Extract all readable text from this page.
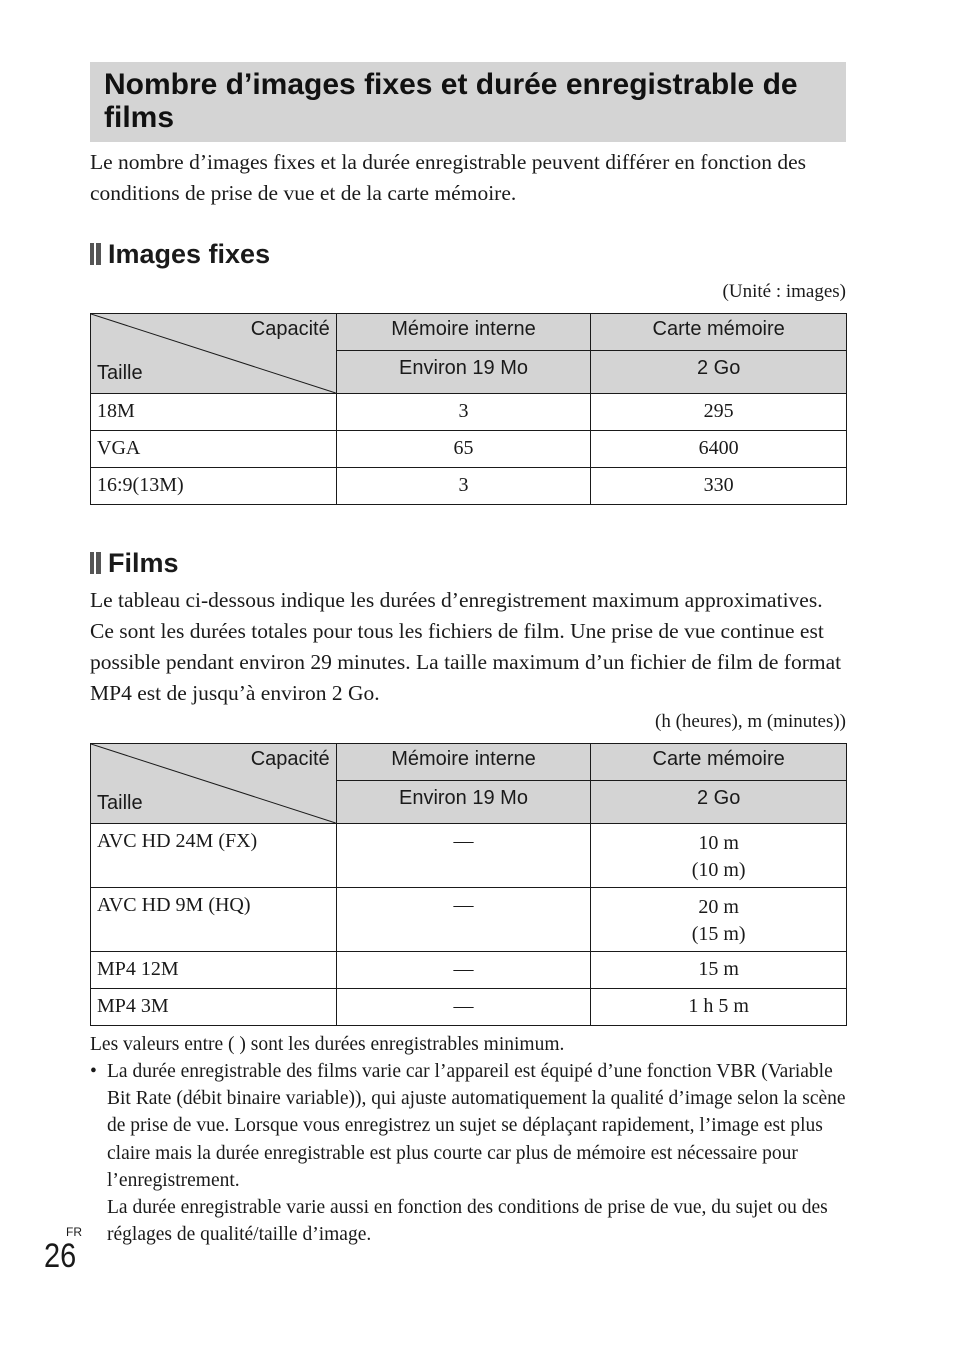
Nombre d’images fixes et durée enregistrable de films

Le nombre d’images fixes et la durée enregistrable peuvent différer en fonction des conditions de prise de vue et de la carte mémoire.

Images fixes

(Unité : images)

Capacité
Taille	Mémoire interne	Carte mémoire
	Environ 19 Mo	2 Go
18M	3	295
VGA	65	6400
16:9(13M)	3	330
Films

Le tableau ci-dessous indique les durées d’enregistrement maximum approximatives. Ce sont les durées totales pour tous les fichiers de film. Une prise de vue continue est possible pendant environ 29 minutes. La taille maximum d’un fichier de film de format MP4 est de jusqu’à environ 2 Go.

(h (heures), m (minutes))

Capacité
Taille	Mémoire interne	Carte mémoire
	Environ 19 Mo	2 Go
AVC HD 24M (FX)	—	10 m
(10 m)

AVC HD 9M (HQ)	—	20 m
(15 m)

MP4 12M	—	15 m
MP4 3M	—	1 h 5 m

Les valeurs entre ( ) sont les durées enregistrables minimum.

• La durée enregistrable des films varie car l’appareil est équipé d’une fonction VBR (Variable Bit Rate (débit binaire variable)), qui ajuste automatiquement la qualité d’image selon la scène de prise de vue. Lorsque vous enregistrez un sujet se déplaçant rapidement, l’image est plus claire mais la durée enregistrable est plus courte car plus de mémoire est nécessaire pour l’enregistrement.
La durée enregistrable varie aussi en fonction des conditions de prise de vue, du sujet ou des réglages de qualité/taille d’image.
FR
26
